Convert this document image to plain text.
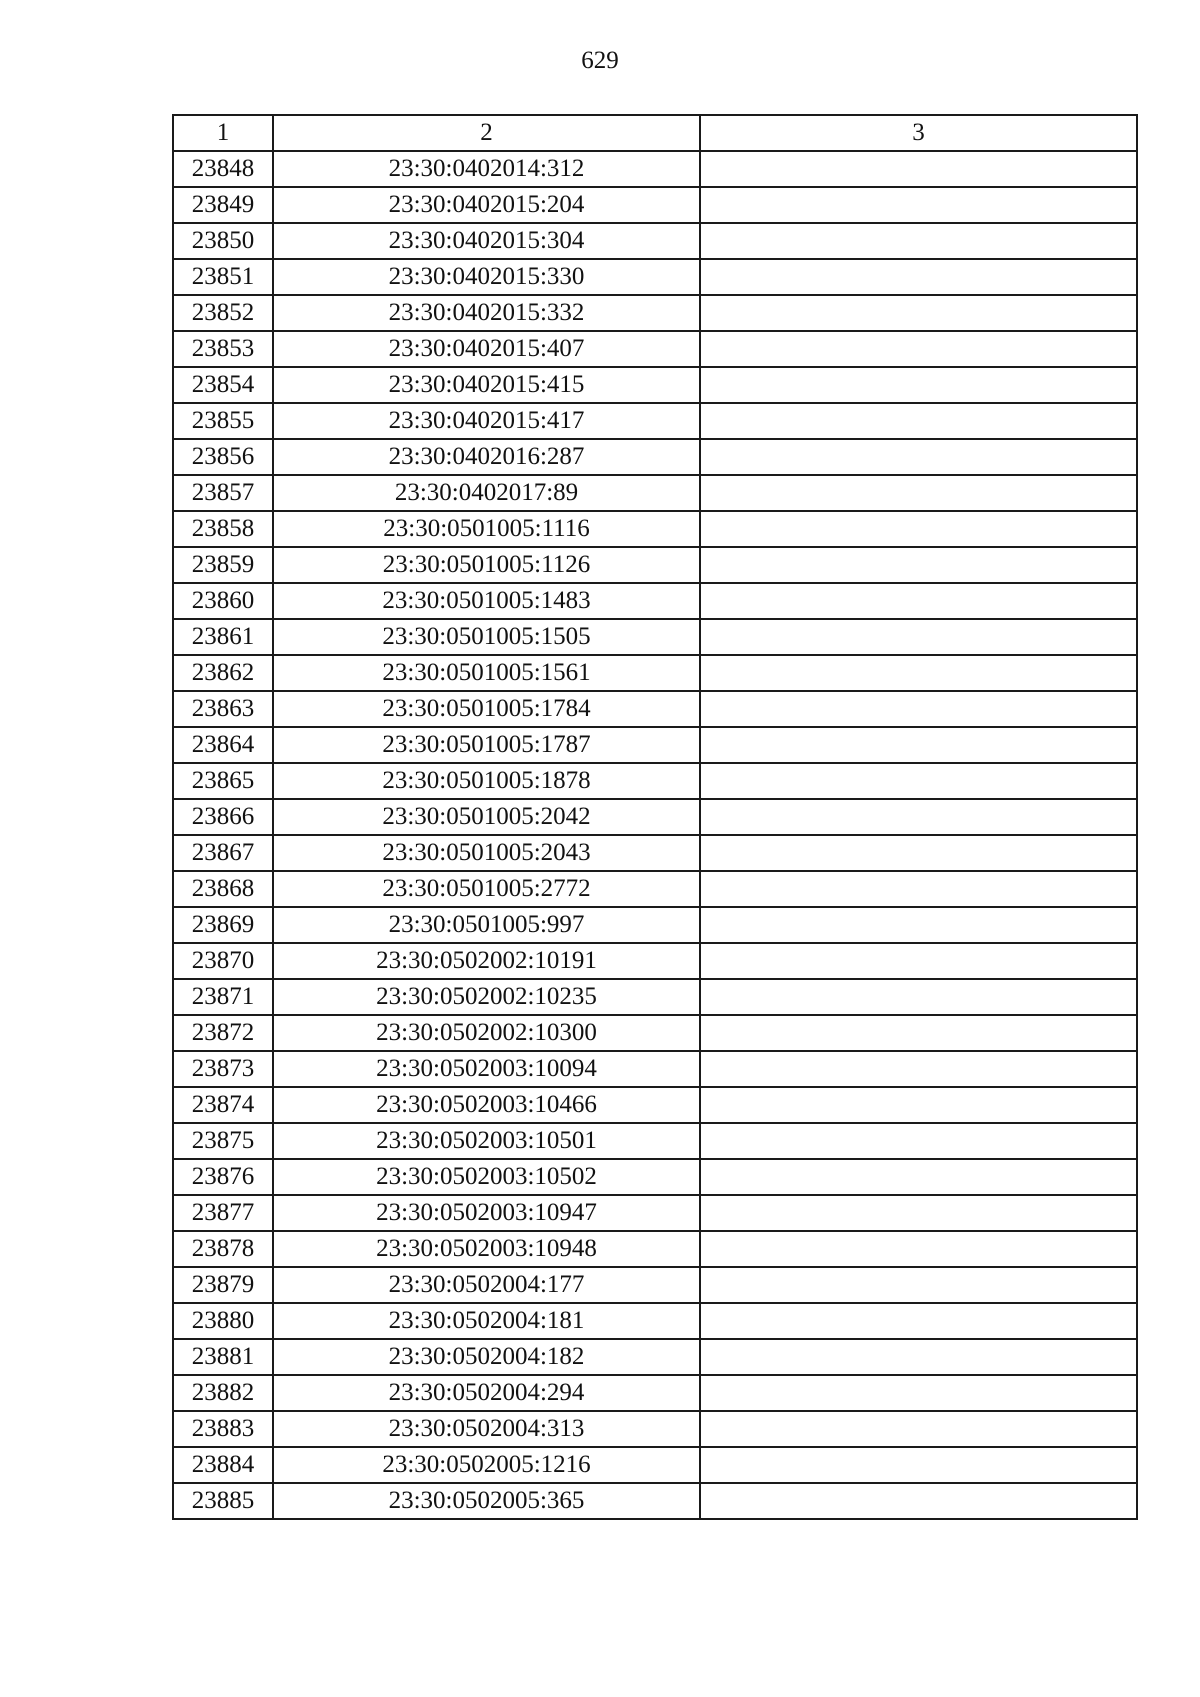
629
1	2	3
23848	23:30:0402014:312	
23849	23:30:0402015:204	
23850	23:30:0402015:304	
23851	23:30:0402015:330	
23852	23:30:0402015:332	
23853	23:30:0402015:407	
23854	23:30:0402015:415	
23855	23:30:0402015:417	
23856	23:30:0402016:287	
23857	23:30:0402017:89	
23858	23:30:0501005:1116	
23859	23:30:0501005:1126	
23860	23:30:0501005:1483	
23861	23:30:0501005:1505	
23862	23:30:0501005:1561	
23863	23:30:0501005:1784	
23864	23:30:0501005:1787	
23865	23:30:0501005:1878	
23866	23:30:0501005:2042	
23867	23:30:0501005:2043	
23868	23:30:0501005:2772	
23869	23:30:0501005:997	
23870	23:30:0502002:10191	
23871	23:30:0502002:10235	
23872	23:30:0502002:10300	
23873	23:30:0502003:10094	
23874	23:30:0502003:10466	
23875	23:30:0502003:10501	
23876	23:30:0502003:10502	
23877	23:30:0502003:10947	
23878	23:30:0502003:10948	
23879	23:30:0502004:177	
23880	23:30:0502004:181	
23881	23:30:0502004:182	
23882	23:30:0502004:294	
23883	23:30:0502004:313	
23884	23:30:0502005:1216	
23885	23:30:0502005:365	
